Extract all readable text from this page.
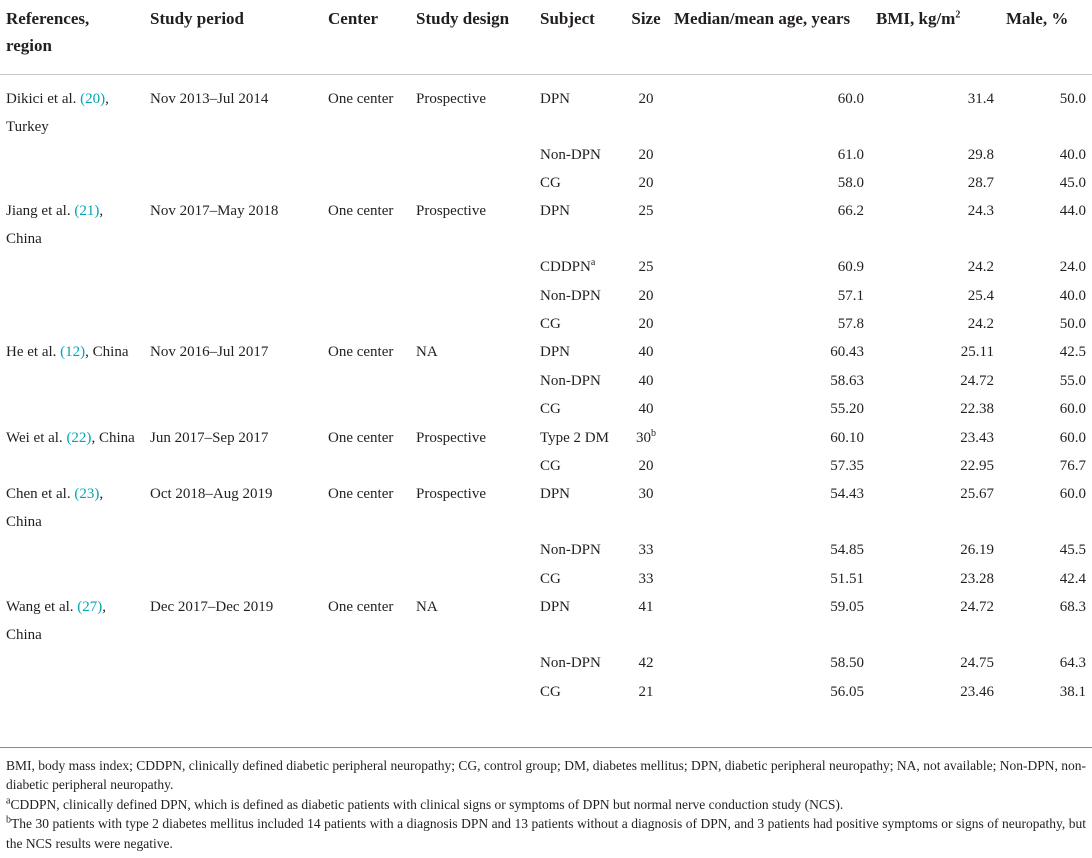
References, region	Study period	Center	Study design	Subject	Size	Median/mean age, years	BMI, $kg/m^2$	Male, %
Dikici et al. (20), Turkey	Nov 2013–Jul 2014	One center	Prospective	DPN	20	60.0	31.4	50.0
				Non-DPN	20	61.0	29.8	40.0
				CG	20	58.0	28.7	45.0
Jiang et al. (21), China	Nov 2017–May 2018	One center	Prospective	DPN	25	66.2	24.3	44.0
				CDDPN$^a$	25	60.9	24.2	24.0
				Non-DPN	20	57.1	25.4	40.0
				CG	20	57.8	24.2	50.0
He et al. (12), China	Nov 2016–Jul 2017	One center	NA	DPN	40	60.43	25.11	42.5
				Non-DPN	40	58.63	24.72	55.0
				CG	40	55.20	22.38	60.0
Wei et al. (22), China	Jun 2017–Sep 2017	One center	Prospective	Type 2 DM	30$^b$	60.10	23.43	60.0
				CG	20	57.35	22.95	76.7
Chen et al. (23), China	Oct 2018–Aug 2019	One center	Prospective	DPN	30	54.43	25.67	60.0
				Non-DPN	33	54.85	26.19	45.5
				CG	33	51.51	23.28	42.4
Wang et al. (27), China	Dec 2017–Dec 2019	One center	NA	DPN	41	59.05	24.72	68.3
				Non-DPN	42	58.50	24.75	64.3
				CG	21	56.05	23.46	38.1

BMI, body mass index; CDDPN, clinically defined diabetic peripheral neuropathy; CG, control group; DM, diabetes mellitus; DPN, diabetic peripheral neuropathy; NA, not available; Non-DPN, non-diabetic peripheral neuropathy.

$^a$CDDPN, clinically defined DPN, which is defined as diabetic patients with clinical signs or symptoms of DPN but normal nerve conduction study (NCS).

$^b$The 30 patients with type 2 diabetes mellitus included 14 patients with a diagnosis DPN and 13 patients without a diagnosis of DPN, and 3 patients had positive symptoms or signs of neuropathy, but the NCS results were negative.
